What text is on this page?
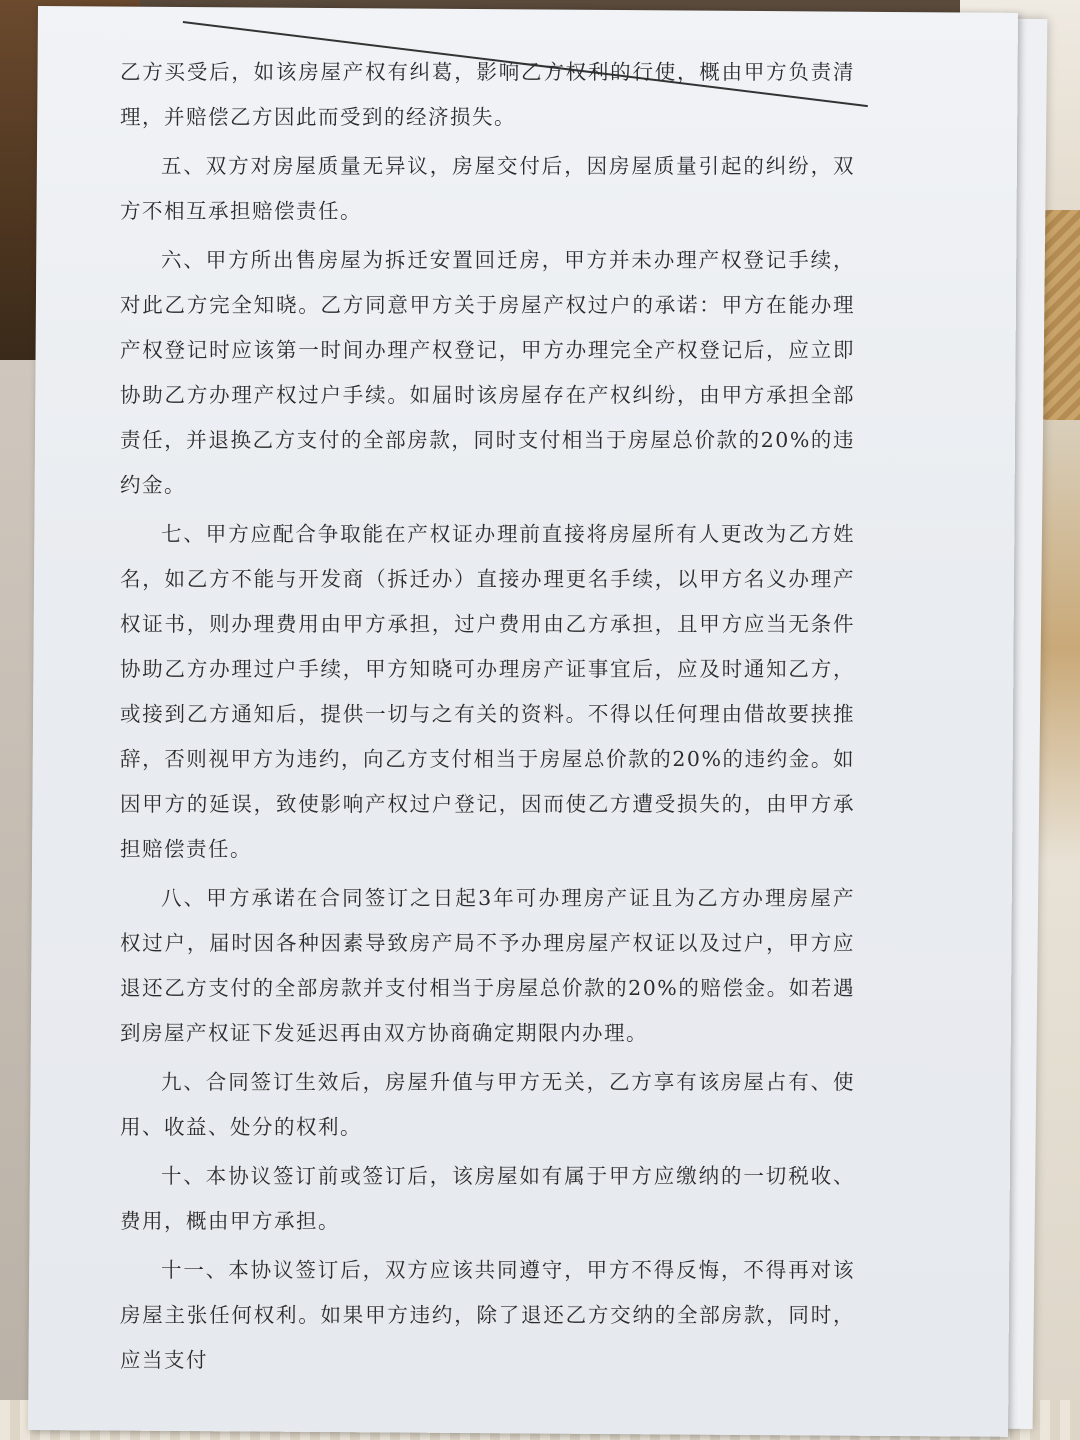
乙方买受后，如该房屋产权有纠葛，影响乙方权利的行使，概由甲方负责清理，并赔偿乙方因此而受到的经济损失。

五、双方对房屋质量无异议，房屋交付后，因房屋质量引起的纠纷，双方不相互承担赔偿责任。

六、甲方所出售房屋为拆迁安置回迁房，甲方并未办理产权登记手续，对此乙方完全知晓。乙方同意甲方关于房屋产权过户的承诺：甲方在能办理产权登记时应该第一时间办理产权登记，甲方办理完全产权登记后，应立即协助乙方办理产权过户手续。如届时该房屋存在产权纠纷，由甲方承担全部责任，并退换乙方支付的全部房款，同时支付相当于房屋总价款的20%的违约金。

七、甲方应配合争取能在产权证办理前直接将房屋所有人更改为乙方姓名，如乙方不能与开发商（拆迁办）直接办理更名手续，以甲方名义办理产权证书，则办理费用由甲方承担，过户费用由乙方承担，且甲方应当无条件协助乙方办理过户手续，甲方知晓可办理房产证事宜后，应及时通知乙方，或接到乙方通知后，提供一切与之有关的资料。不得以任何理由借故要挟推辞，否则视甲方为违约，向乙方支付相当于房屋总价款的20%的违约金。如因甲方的延误，致使影响产权过户登记，因而使乙方遭受损失的，由甲方承担赔偿责任。

八、甲方承诺在合同签订之日起3年可办理房产证且为乙方办理房屋产权过户，届时因各种因素导致房产局不予办理房屋产权证以及过户，甲方应退还乙方支付的全部房款并支付相当于房屋总价款的20%的赔偿金。如若遇到房屋产权证下发延迟再由双方协商确定期限内办理。

九、合同签订生效后，房屋升值与甲方无关，乙方享有该房屋占有、使用、收益、处分的权利。

十、本协议签订前或签订后，该房屋如有属于甲方应缴纳的一切税收、费用，概由甲方承担。

十一、本协议签订后，双方应该共同遵守，甲方不得反悔，不得再对该房屋主张任何权利。如果甲方违约，除了退还乙方交纳的全部房款，同时，应当支付
